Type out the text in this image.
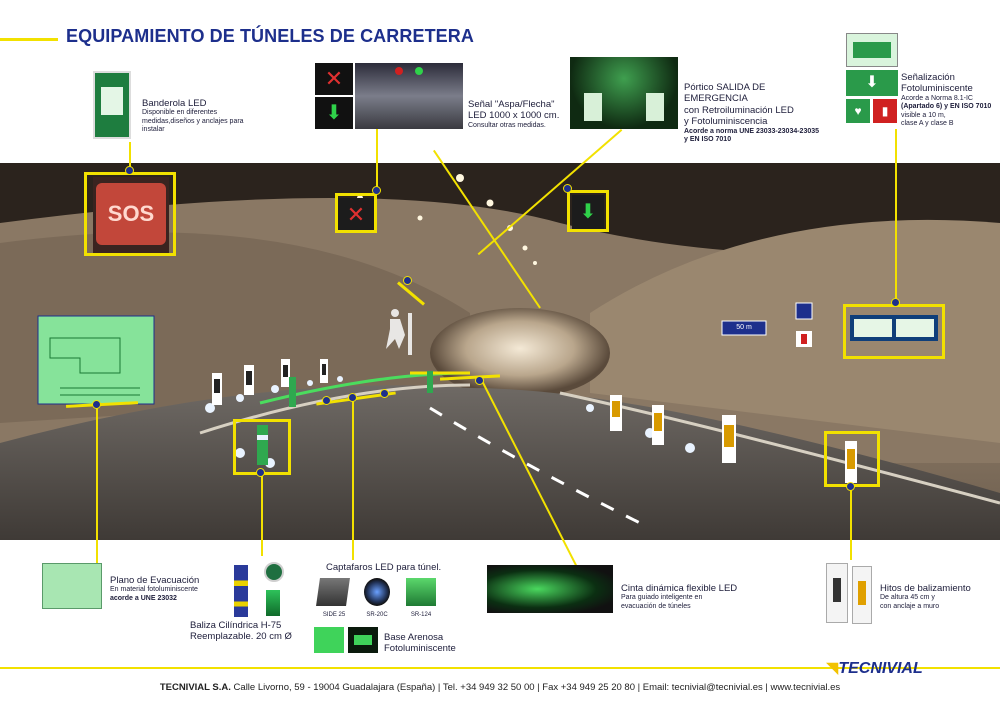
EQUIPAMIENTO DE TÚNELES DE CARRETERA
SOS
50 m
✕	⬇
Banderola LED
Disponible en diferentes medidas,diseños y anclajes para instalar
✕
⬇	Señal "Aspa/Flecha"
LED 1000 x 1000 cm.
Consultar otras medidas.
Pórtico SALIDA DE EMERGENCIA
con Retroiluminación LED
y Fotoluminiscencia
Acorde a norma UNE 23033-23034-23035
y EN ISO 7010
⬇
♥	▮
Señalización
Fotoluminiscente
Acorde a Norma 8.1-IC
(Apartado 6) y EN ISO 7010
visible a 10 m,
clase A y clase B
Plano de Evacuación
En material fotoluminiscente
acorde a UNE 23032
Baliza Cilíndrica H-75
Reemplazable. 20 cm Ø
Captafaros LED para túnel.
SIDE 25	SR-20C	SR-124
Base Arenosa
Fotoluminiscente
Cinta dinámica flexible LED
Para guiado inteligente en
evacuación de túneles
Hitos de balizamiento
De altura 45 cm y
con anclaje a muro
◥TECNIVIAL
TECNIVIAL S.A. Calle Livorno, 59 - 19004 Guadalajara (España) | Tel. +34 949 32 50 00 | Fax +34 949 25 20 80 | Email: tecnivial@tecnivial.es | www.tecnivial.es
